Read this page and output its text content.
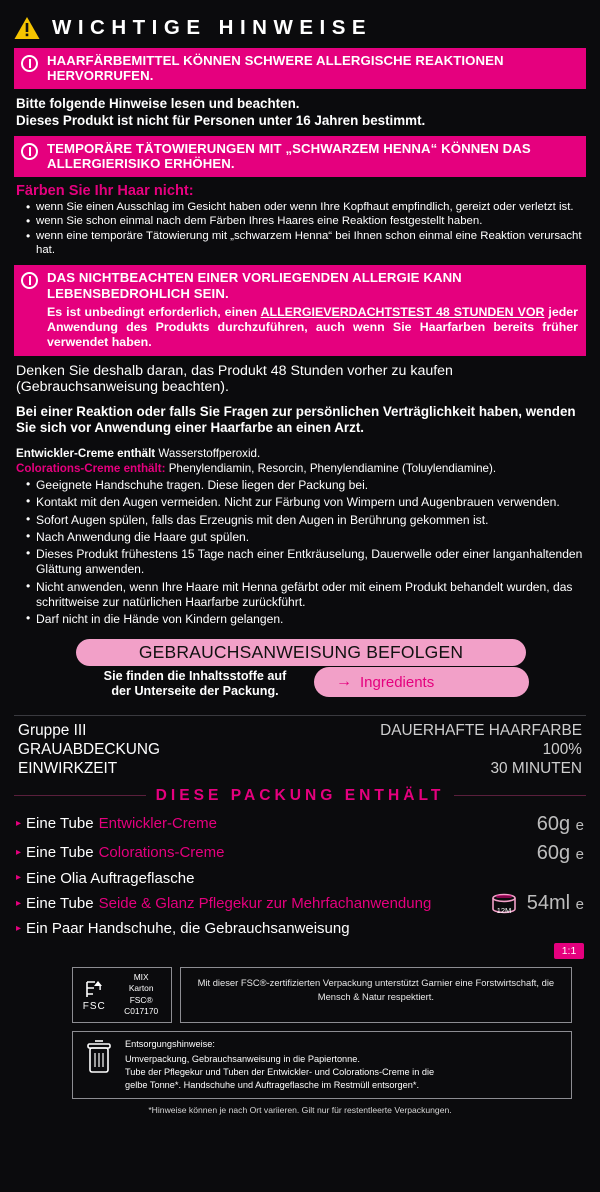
WICHTIGE HINWEISE
HAARFÄRBEMITTEL KÖNNEN SCHWERE ALLERGISCHE REAKTIONEN HERVORRUFEN.
Bitte folgende Hinweise lesen und beachten.
Dieses Produkt ist nicht für Personen unter 16 Jahren bestimmt.
TEMPORÄRE TÄTOWIERUNGEN MIT „SCHWARZEM HENNA“ KÖNNEN DAS ALLERGIERISIKO ERHÖHEN.
Färben Sie Ihr Haar nicht:
• wenn Sie einen Ausschlag im Gesicht haben oder wenn Ihre Kopfhaut empfindlich, gereizt oder verletzt ist.
• wenn Sie schon einmal nach dem Färben Ihres Haares eine Reaktion festgestellt haben.
• wenn eine temporäre Tätowierung mit „schwarzem Henna“ bei Ihnen schon einmal eine Reaktion verursacht hat.
DAS NICHTBEACHTEN EINER VORLIEGENDEN ALLERGIE KANN LEBENSBEDROHLICH SEIN.
Es ist unbedingt erforderlich, einen ALLERGIEVERDACHTSTEST 48 STUNDEN VOR jeder Anwendung des Produkts durchzuführen, auch wenn Sie Haarfarben bereits früher verwendet haben.
Denken Sie deshalb daran, das Produkt 48 Stunden vorher zu kaufen (Gebrauchsanweisung beachten).
Bei einer Reaktion oder falls Sie Fragen zur persönlichen Verträglichkeit haben, wenden Sie sich vor Anwendung einer Haarfarbe an einen Arzt.
Entwickler-Creme enthält Wasserstoffperoxid.
Colorations-Creme enthält: Phenylendiamin, Resorcin, Phenylendiamine (Toluylendiamine).
• Geeignete Handschuhe tragen. Diese liegen der Packung bei.
• Kontakt mit den Augen vermeiden. Nicht zur Färbung von Wimpern und Augenbrauen verwenden.
• Sofort Augen spülen, falls das Erzeugnis mit den Augen in Berührung gekommen ist.
• Nach Anwendung die Haare gut spülen.
• Dieses Produkt frühestens 15 Tage nach einer Entkräuselung, Dauerwelle oder einer langanhaltenden Glättung anwenden.
• Nicht anwenden, wenn Ihre Haare mit Henna gefärbt oder mit einem Produkt behandelt wurden, das schrittweise zur natürlichen Haarfarbe zurückführt.
• Darf nicht in die Hände von Kindern gelangen.
GEBRAUCHSANWEISUNG BEFOLGEN
Sie finden die Inhaltsstoffe auf
der Unterseite der Packung.
→ Ingredients
Gruppe III	DAUERHAFTE HAARFARBE
GRAUABDECKUNG	100%
EINWIRKZEIT	30 MINUTEN
DIESE PACKUNG ENTHÄLT
▸ Eine Tube Entwickler-Creme	60g e
▸ Eine Tube Colorations-Creme	60g e
▸ Eine Olia Auftrageflasche
▸ Eine Tube Seide & Glanz Pflegekur zur Mehrfachanwendung	12M 54ml e
▸ Ein Paar Handschuhe, die Gebrauchsanweisung
1:1
FSC
MIX
Karton
FSC® C017170
Mit dieser FSC®-zertifizierten Verpackung unterstützt Garnier eine Forstwirtschaft, die Mensch & Natur respektiert.
Entsorgungshinweise:
Umverpackung, Gebrauchsanweisung in die Papiertonne.
Tube der Pflegekur und Tuben der Entwickler- und Colorations-Creme in die
gelbe Tonne*. Handschuhe und Auftrageflasche im Restmüll entsorgen*.
*Hinweise können je nach Ort variieren. Gilt nur für restentleerte Verpackungen.
